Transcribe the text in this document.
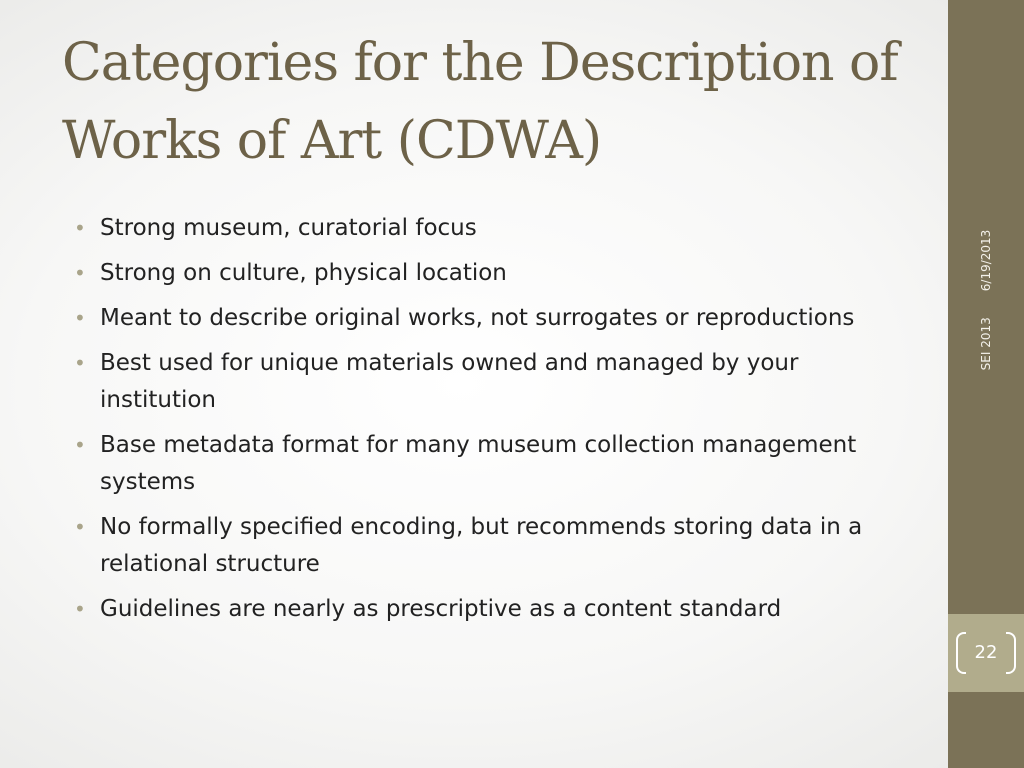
Categories for the Description of Works of Art (CDWA)
• Strong museum, curatorial focus
• Strong on culture, physical location
• Meant to describe original works, not surrogates or reproductions
• Best used for unique materials owned and managed by your institution
• Base metadata format for many museum collection management systems
• No formally specified encoding, but recommends storing data in a relational structure
• Guidelines are nearly as prescriptive as a content standard
SEI 20136/19/2013
22
